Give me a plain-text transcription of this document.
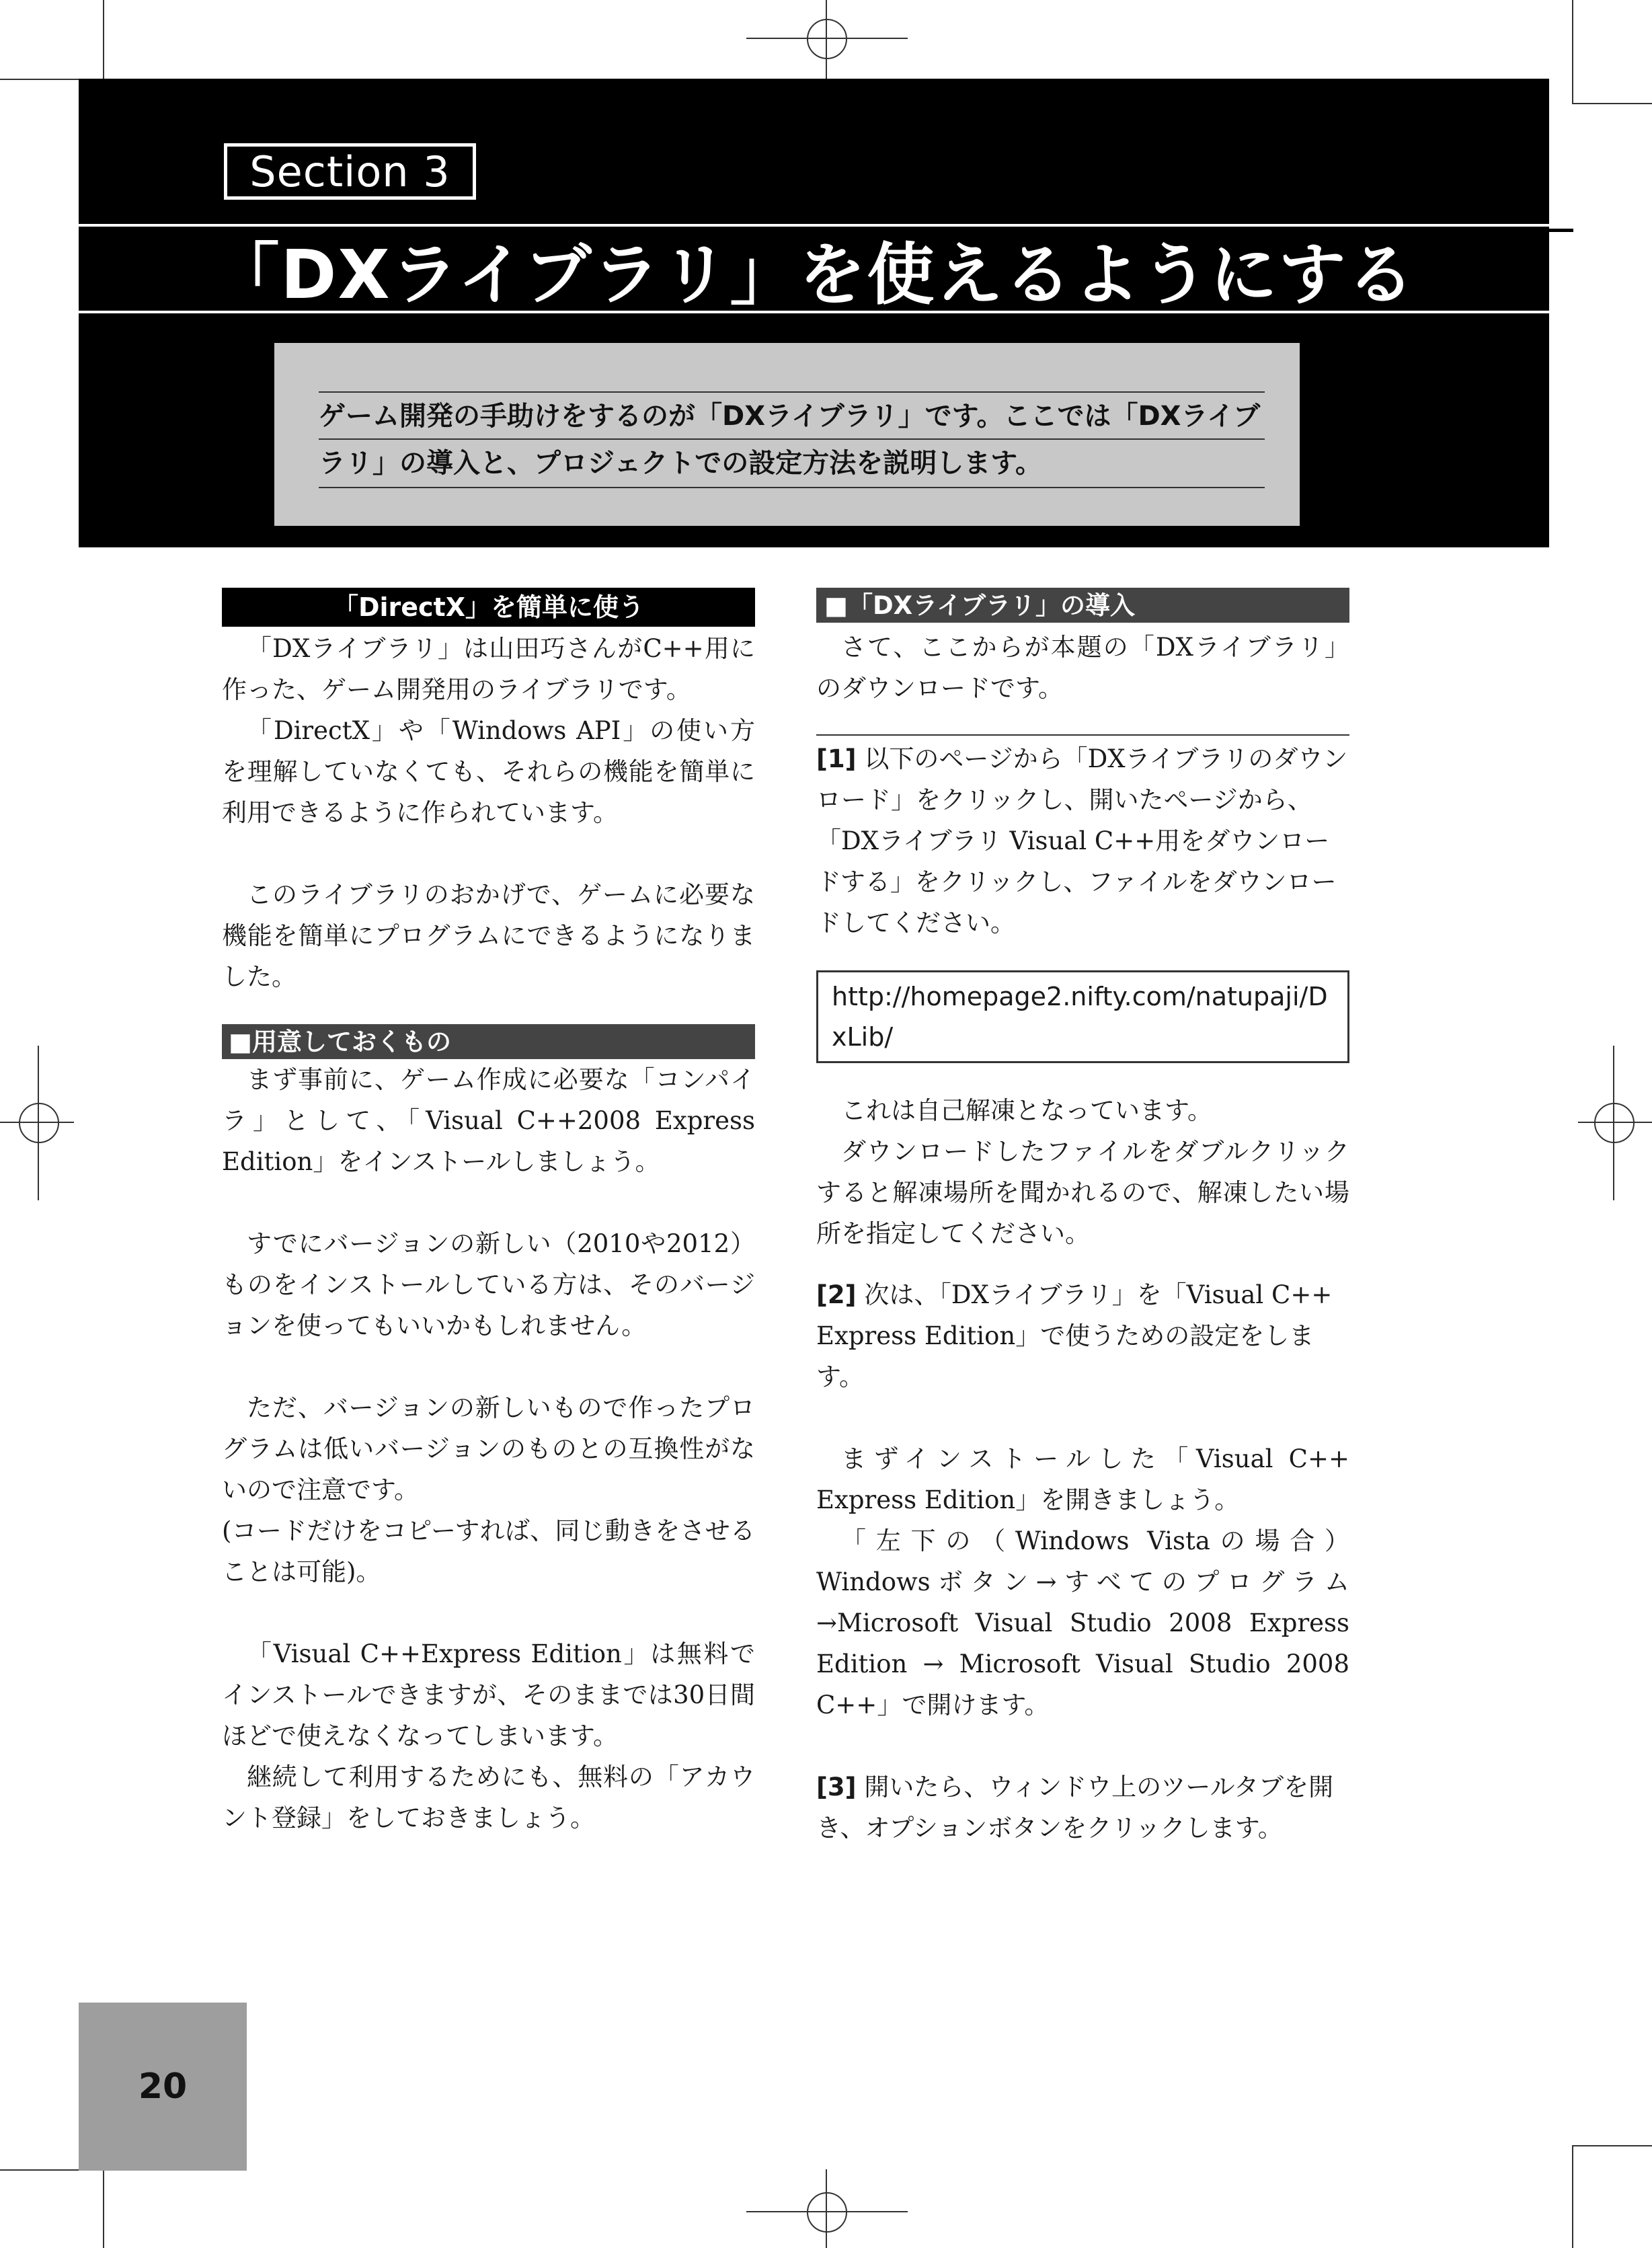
Section 3
「DXライブラリ」を使えるようにする
ゲーム開発の手助けをするのが「DXライブラリ」です。ここでは「DXライブラリ」の導入と、プロジェクトでの設定方法を説明します。
「DirectX」を簡単に使う

「DXライブラリ」は山田巧さんがC++用に作った、ゲーム開発用のライブラリです。

「DirectX」や「Windows API」の使い方を理解していなくても、それらの機能を簡単に利用できるように作られています。

このライブラリのおかげで、ゲームに必要な機能を簡単にプログラムにできるようになりました。

■用意しておくもの

まず事前に、ゲーム作成に必要な「コンパイラ」として、「Visual C++2008 Express Edition」をインストールしましょう。

すでにバージョンの新しい（2010や2012）ものをインストールしている方は、そのバージョンを使ってもいいかもしれません。

ただ、バージョンの新しいもので作ったプログラムは低いバージョンのものとの互換性がないので注意です。

(コードだけをコピーすれば、同じ動きをさせることは可能)。

「Visual C++Express Edition」は無料でインストールできますが、そのままでは30日間ほどで使えなくなってしまいます。

継続して利用するためにも、無料の「アカウント登録」をしておきましょう。

■「DXライブラリ」の導入

さて、ここからが本題の「DXライブラリ」のダウンロードです。

[1] 以下のページから「DXライブラリのダウンロード」をクリックし、開いたページから、「DXライブラリ Visual C++用をダウンロードする」をクリックし、ファイルをダウンロードしてください。
http://homepage2.nifty.com/natupaji/DxLib/

これは自己解凍となっています。

ダウンロードしたファイルをダブルクリックすると解凍場所を聞かれるので、解凍したい場所を指定してください。

[2] 次は、「DXライブラリ」を「Visual C++ Express Edition」で使うための設定をします。

まずインストールした「Visual C++ Express Edition」を開きましょう。

「左下の（Windows Vistaの場合）Windowsボタン→すべてのプログラム→Microsoft Visual Studio 2008 Express Edition → Microsoft Visual Studio 2008 C++」で開けます。

[3] 開いたら、ウィンドウ上のツールタブを開き、オプションボタンをクリックします。
20
